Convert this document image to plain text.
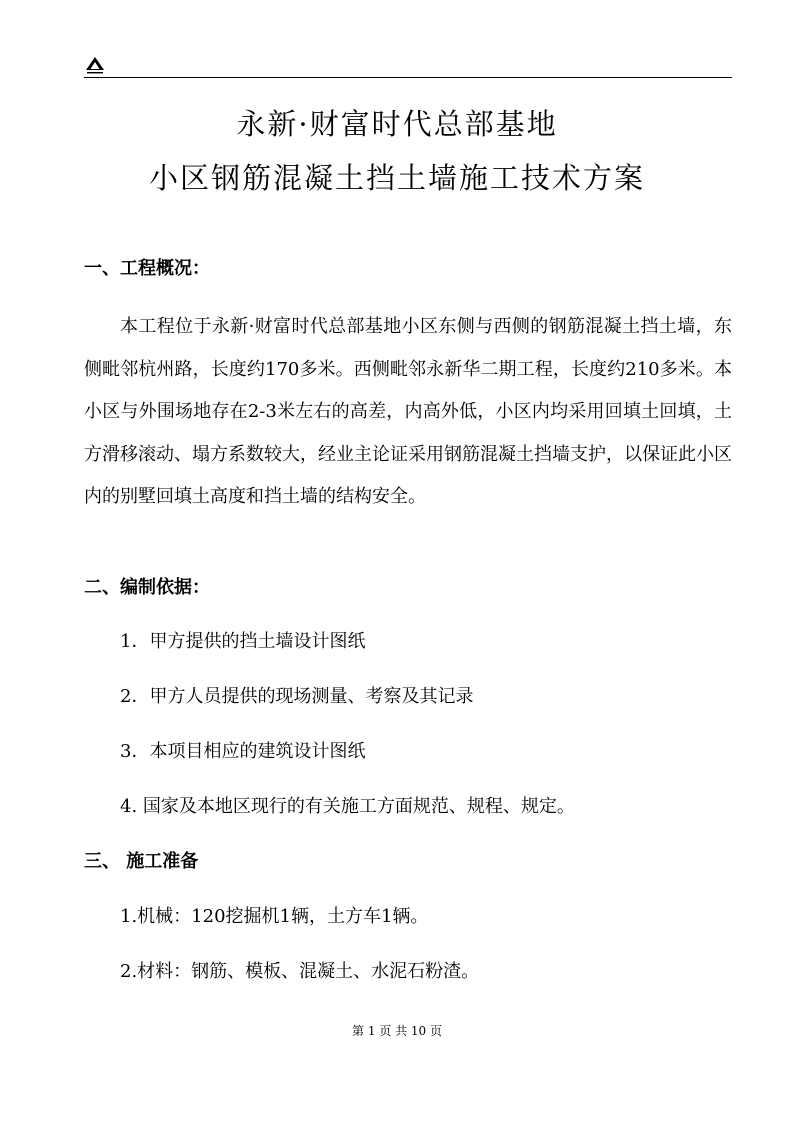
永新·财富时代总部基地
小区钢筋混凝土挡土墙施工技术方案
一、工程概况：

本工程位于永新·财富时代总部基地小区东侧与西侧的钢筋混凝土挡土墙，东侧毗邻杭州路，长度约170多米。西侧毗邻永新华二期工程，长度约210多米。本小区与外围场地存在2-3米左右的高差，内高外低，小区内均采用回填土回填，土方滑移滚动、塌方系数较大，经业主论证采用钢筋混凝土挡墙支护，以保证此小区内的别墅回填土高度和挡土墙的结构安全。

二、编制依据：
1．甲方提供的挡土墙设计图纸
2．甲方人员提供的现场测量、考察及其记录
3．本项目相应的建筑设计图纸
4. 国家及本地区现行的有关施工方面规范、规程、规定。
三、 施工准备
1.机械：120挖掘机1辆，土方车1辆。
2.材料：钢筋、模板、混凝土、水泥石粉渣。
第 1 页 共 10 页
